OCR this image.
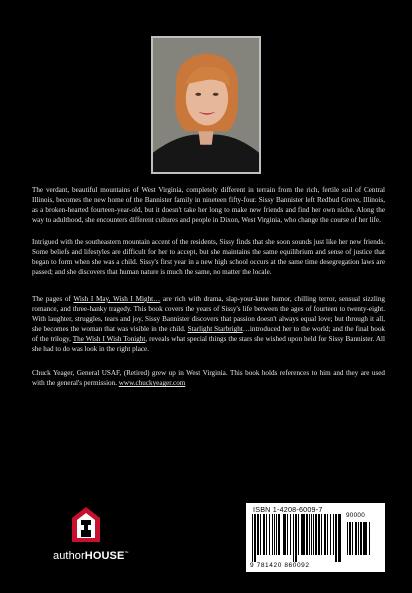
The verdant, beautiful mountains of West Virginia, completely different in terrain from the rich, fertile soil of Central Illinois, becomes the new home of the Bannister family in nineteen fifty-four. Sissy Bannister left Redbud Grove, Illinois, as a broken-hearted fourteen-year-old, but it doesn't take her long to make new friends and find her own niche. Along the way to adulthood, she encounters different cultures and people in Dixon, West Virginia, who change the course of her life.

Intrigued with the southeastern mountain accent of the residents, Sissy finds that she soon sounds just like her new friends. Some beliefs and lifestyles are difficult for her to accept, but she maintains the same equilibrium and sense of justice that began to form when she was a child. Sissy's first year in a new high school occurs at the same time desegregation laws are passed; and she discovers that human nature is much the same, no matter the locale.

The pages of Wish I May, Wish I Might… are rich with drama, slap-your-knee humor, chilling terror, sensual sizzling romance, and three-hanky tragedy. This book covers the years of Sissy's life between the ages of fourteen to twenty-eight. With laughter, struggles, tears and joy, Sissy Bannister discovers that passion doesn't always equal love; but through it all, she becomes the woman that was visible in the child. Starlight Starbright…introduced her to the world; and the final book of the trilogy, The Wish I Wish Tonight, reveals what special things the stars she wished upon held for Sissy Bannister. All she had to do was look in the right place.

Chuck Yeager, General USAF, (Retired) grew up in West Virginia. This book holds references to him and they are used with the general's permission. www.chuckyeager.com

authorHOUSE™
ISBN 1-4208-6009-7
90000
9 781420 860092
